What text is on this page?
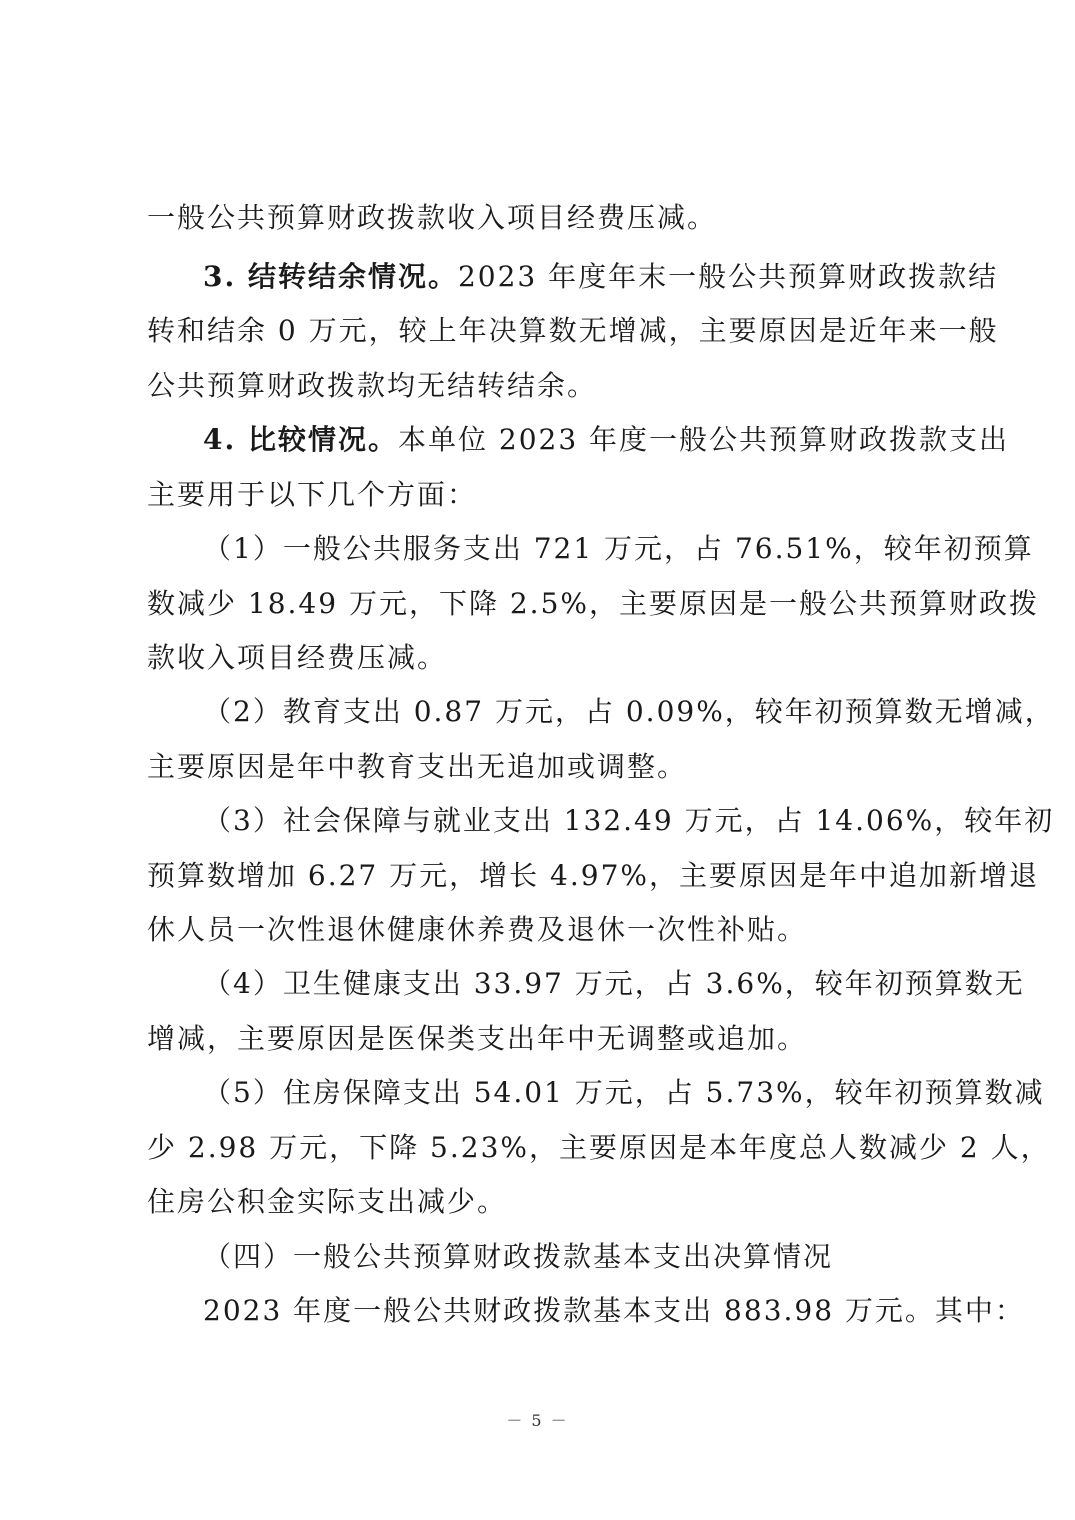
一般公共预算财政拨款收入项目经费压减。
3. 结转结余情况。2023 年度年末一般公共预算财政拨款结
转和结余 0 万元，较上年决算数无增减，主要原因是近年来一般
公共预算财政拨款均无结转结余。
4. 比较情况。本单位 2023 年度一般公共预算财政拨款支出
主要用于以下几个方面：
（1）一般公共服务支出 721 万元，占 76.51%，较年初预算
数减少 18.49 万元，下降 2.5%，主要原因是一般公共预算财政拨
款收入项目经费压减。
（2）教育支出 0.87 万元，占 0.09%，较年初预算数无增减，
主要原因是年中教育支出无追加或调整。
（3）社会保障与就业支出 132.49 万元，占 14.06%，较年初
预算数增加 6.27 万元，增长 4.97%，主要原因是年中追加新增退
休人员一次性退休健康休养费及退休一次性补贴。
（4）卫生健康支出 33.97 万元，占 3.6%，较年初预算数无
增减，主要原因是医保类支出年中无调整或追加。
（5）住房保障支出 54.01 万元，占 5.73%，较年初预算数减
少 2.98 万元，下降 5.23%，主要原因是本年度总人数减少 2 人，
住房公积金实际支出减少。
（四）一般公共预算财政拨款基本支出决算情况
2023 年度一般公共财政拨款基本支出 883.98 万元。其中：
－ 5 －
